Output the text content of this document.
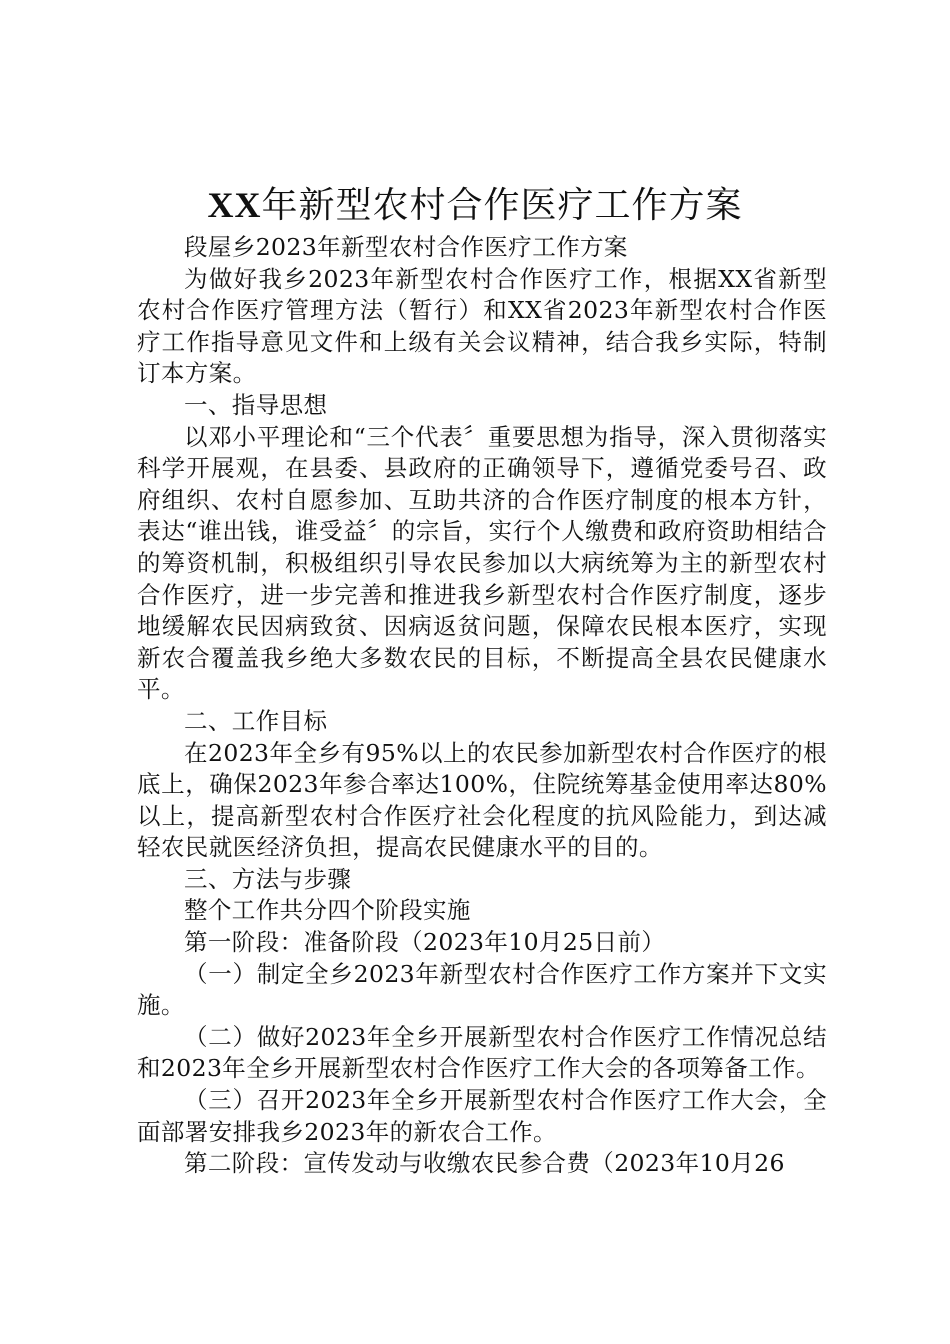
XX年新型农村合作医疗工作方案

段屋乡2023年新型农村合作医疗工作方案

为做好我乡2023年新型农村合作医疗工作，根据XX省新型农村合作医疗管理方法（暂行）和XX省2023年新型农村合作医疗工作指导意见文件和上级有关会议精神，结合我乡实际，特制订本方案。

一、指导思想

以邓小平理论和“三个代表〞重要思想为指导，深入贯彻落实科学开展观，在县委、县政府的正确领导下，遵循党委号召、政府组织、农村自愿参加、互助共济的合作医疗制度的根本方针，表达“谁出钱，谁受益〞的宗旨，实行个人缴费和政府资助相结合的筹资机制，积极组织引导农民参加以大病统筹为主的新型农村合作医疗，进一步完善和推进我乡新型农村合作医疗制度，逐步地缓解农民因病致贫、因病返贫问题，保障农民根本医疗，实现新农合覆盖我乡绝大多数农民的目标，不断提高全县农民健康水平。

二、工作目标

在2023年全乡有95%以上的农民参加新型农村合作医疗的根底上，确保2023年参合率达100%，住院统筹基金使用率达80%以上，提高新型农村合作医疗社会化程度的抗风险能力，到达减轻农民就医经济负担，提高农民健康水平的目的。

三、方法与步骤

整个工作共分四个阶段实施

第一阶段：准备阶段（2023年10月25日前）

（一）制定全乡2023年新型农村合作医疗工作方案并下文实施。

（二）做好2023年全乡开展新型农村合作医疗工作情况总结和2023年全乡开展新型农村合作医疗工作大会的各项筹备工作。

（三）召开2023年全乡开展新型农村合作医疗工作大会，全面部署安排我乡2023年的新农合工作。

第二阶段：宣传发动与收缴农民参合费（2023年10月26
